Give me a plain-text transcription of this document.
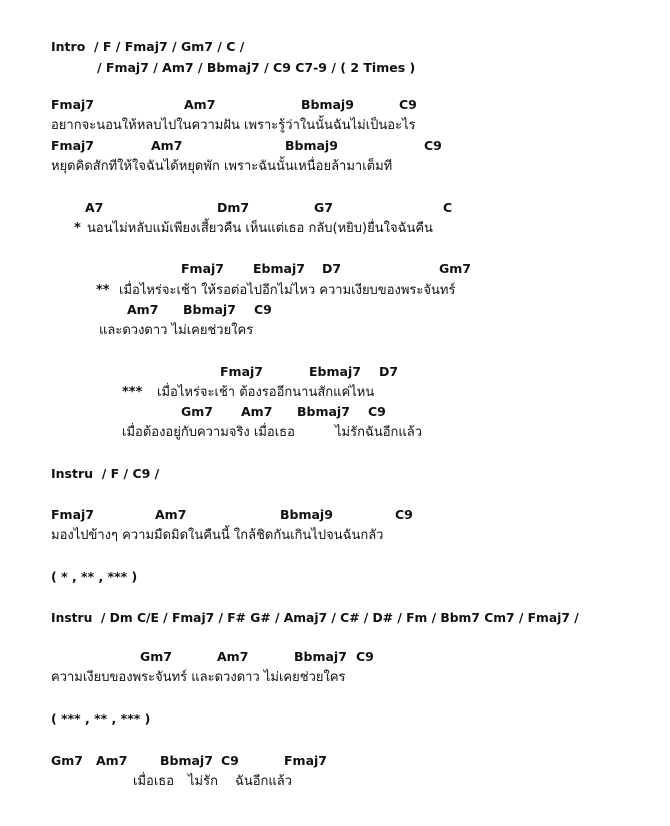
Intro  / F / Fmaj7 / Gm7 / C /
/ Fmaj7 / Am7 / Bbmaj7 / C9 C7-9 / ( 2 Times )
Fmaj7	Am7	Bbmaj9	C9
อยากจะนอนให้หลบไปในความฝัน เพราะรู้ว่าในนั้นฉันไม่เป็นอะไร
Fmaj7	Am7	Bbmaj9	C9
หยุดคิดสักทีให้ใจฉันได้หยุดพัก เพราะฉันนั้นเหนื่อยล้ามาเต็มที
A7	Dm7	G7	C
* นอนไม่หลับแม้เพียงเสี้ยวคืน เห็นแต่เธอ กลับ(หยิบ)ยื่นใจฉันคืน
Fmaj7 Ebmaj7 D7	Gm7
** เมื่อไหร่จะเช้า ให้รอต่อไปอีกไม่ไหว ความเงียบของพระจันทร์
Am7 Bbmaj7 C9
และดวงดาว ไม่เคยช่วยใคร
Fmaj7	Ebmaj7 D7
*** เมื่อไหร่จะเช้า ต้องรออีกนานสักแค่ไหน
Gm7 Am7 Bbmaj7 C9
เมื่อต้องอยู่กับความจริง เมื่อเธอ	ไม่รักฉันอีกแล้ว
Instru  / F / C9 /
Fmaj7	Am7	Bbmaj9	C9
มองไปข้างๆ ความมืดมิดในคืนนี้ ใกล้ชิดกันเกินไปจนฉันกลัว
( * , ** , *** )
Instru  / Dm C/E / Fmaj7 / F# G# / Amaj7 / C# / D# / Fm / Bbm7 Cm7 / Fmaj7 /
Gm7	Am7	Bbmaj7 C9
ความเงียบของพระจันทร์ และดวงดาว ไม่เคยช่วยใคร
( *** , ** , *** )
Gm7 Am7	Bbmaj7 C9	Fmaj7
เมื่อเธอ ไม่รัก ฉันอีกแล้ว
